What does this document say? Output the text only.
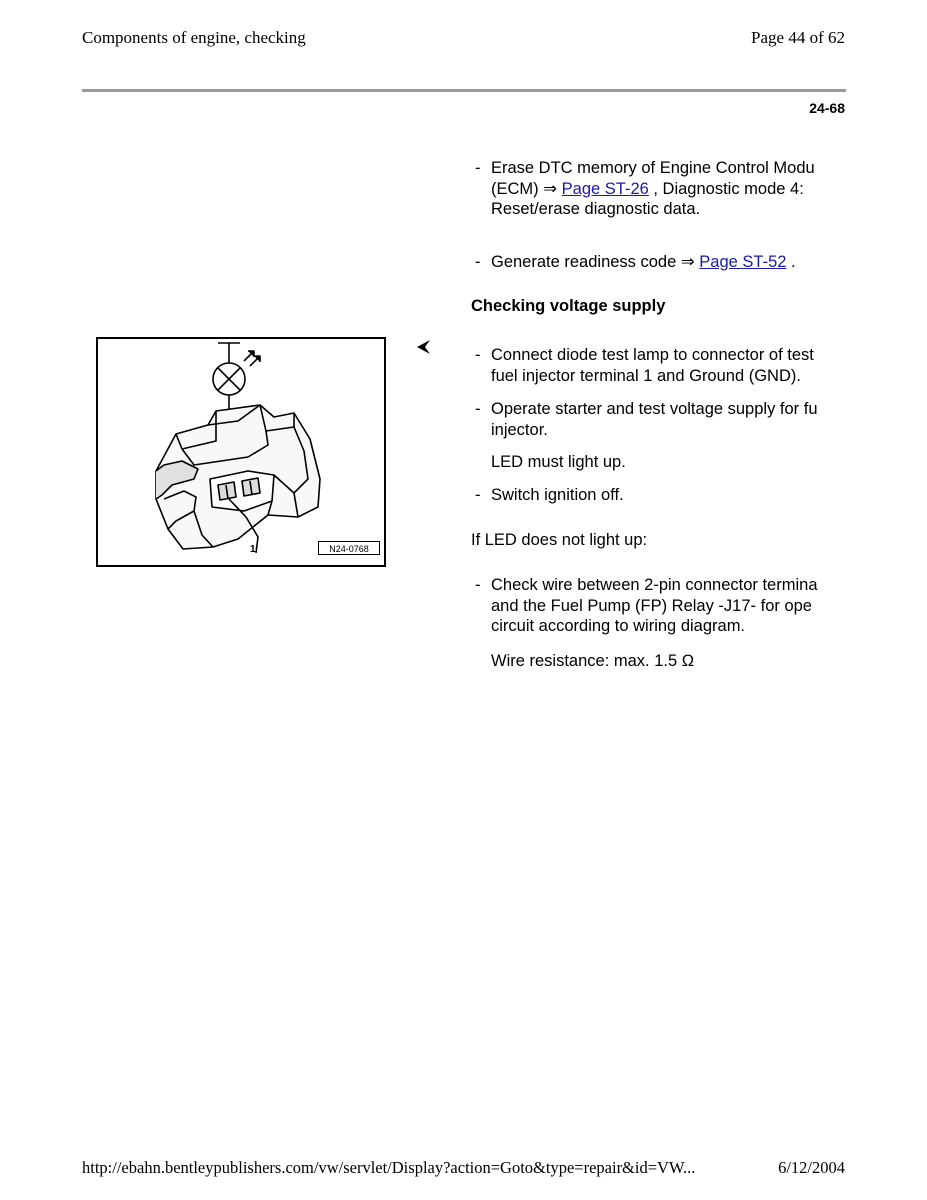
Components of engine, checking	Page 44 of 62
24-68
- Erase DTC memory of Engine Control Modu
(ECM) ⇒ Page ST-26 , Diagnostic mode 4:
Reset/erase diagnostic data.
- Generate readiness code ⇒ Page ST-52 .
Checking voltage supply
- Connect diode test lamp to connector of test
fuel injector terminal 1 and Ground (GND).
- Operate starter and test voltage supply for fu
injector.
LED must light up.
- Switch ignition off.
If LED does not light up:
- Check wire between 2-pin connector termina
and the Fuel Pump (FP) Relay -J17- for ope
circuit according to wiring diagram.
Wire resistance: max. 1.5 Ω
1	N24-0768
http://ebahn.bentleypublishers.com/vw/servlet/Display?action=Goto&type=repair&id=VW...	6/12/2004
